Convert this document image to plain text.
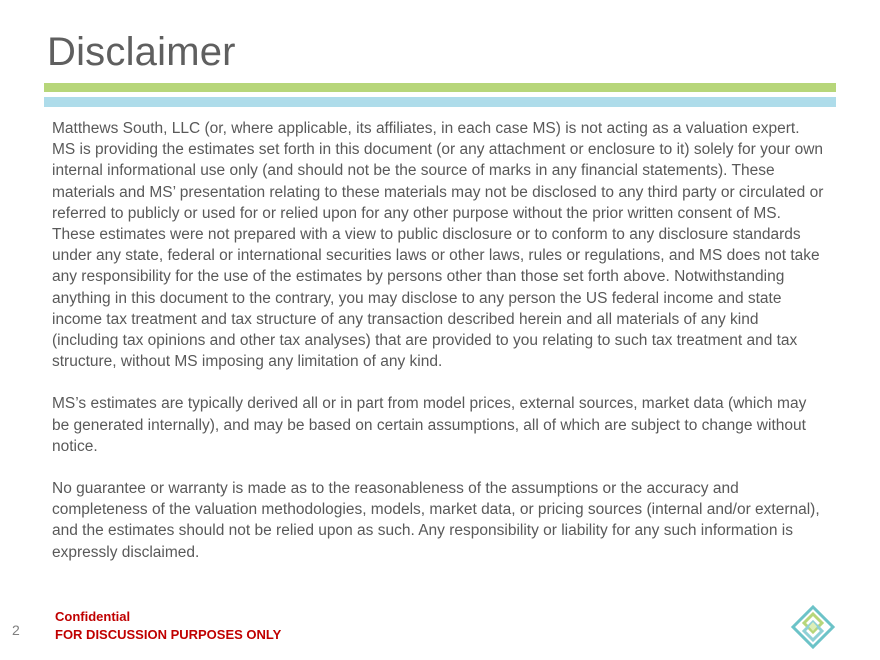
Disclaimer

Matthews South, LLC (or, where applicable, its affiliates, in each case MS) is not acting as a valuation expert. MS is providing the estimates set forth in this document (or any attachment or enclosure to it) solely for your own internal informational use only (and should not be the source of marks in any financial statements). These materials and MS’ presentation relating to these materials may not be disclosed to any third party or circulated or referred to publicly or used for or relied upon for any other purpose without the prior written consent of MS. These estimates were not prepared with a view to public disclosure or to conform to any disclosure standards under any state, federal or international securities laws or other laws, rules or regulations, and MS does not take any responsibility for the use of the estimates by persons other than those set forth above. Notwithstanding anything in this document to the contrary, you may disclose to any person the US federal income and state income tax treatment and tax structure of any transaction described herein and all materials of any kind (including tax opinions and other tax analyses) that are provided to you relating to such tax treatment and tax structure, without MS imposing any limitation of any kind.

MS’s estimates are typically derived all or in part from model prices, external sources, market data (which may be generated internally), and may be based on certain assumptions, all of which are subject to change without notice.

No guarantee or warranty is made as to the reasonableness of the assumptions or the accuracy and completeness of the valuation methodologies, models, market data, or pricing sources (internal and/or external), and the estimates should not be relied upon as such. Any responsibility or liability for any such information is expressly disclaimed.

2
Confidential
FOR DISCUSSION PURPOSES ONLY
